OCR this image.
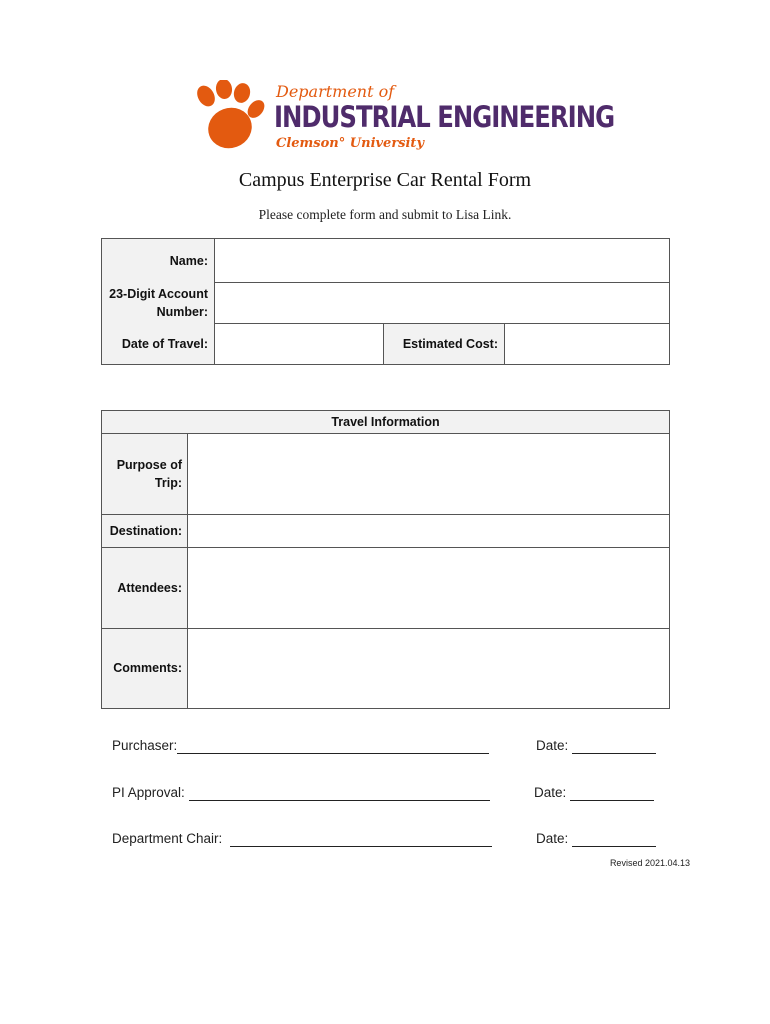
Department of
INDUSTRIAL ENGINEERING
Clemson° University
Campus Enterprise Car Rental Form
Please complete form and submit to Lisa Link.
Name:
23-Digit Account
Number:
Date of Travel:	Estimated Cost:
Travel Information
Purpose of
Trip:
Destination:
Attendees:
Comments:
Purchaser:	Date:
PI Approval:	Date:
Department Chair:	Date:
Revised 2021.04.13
